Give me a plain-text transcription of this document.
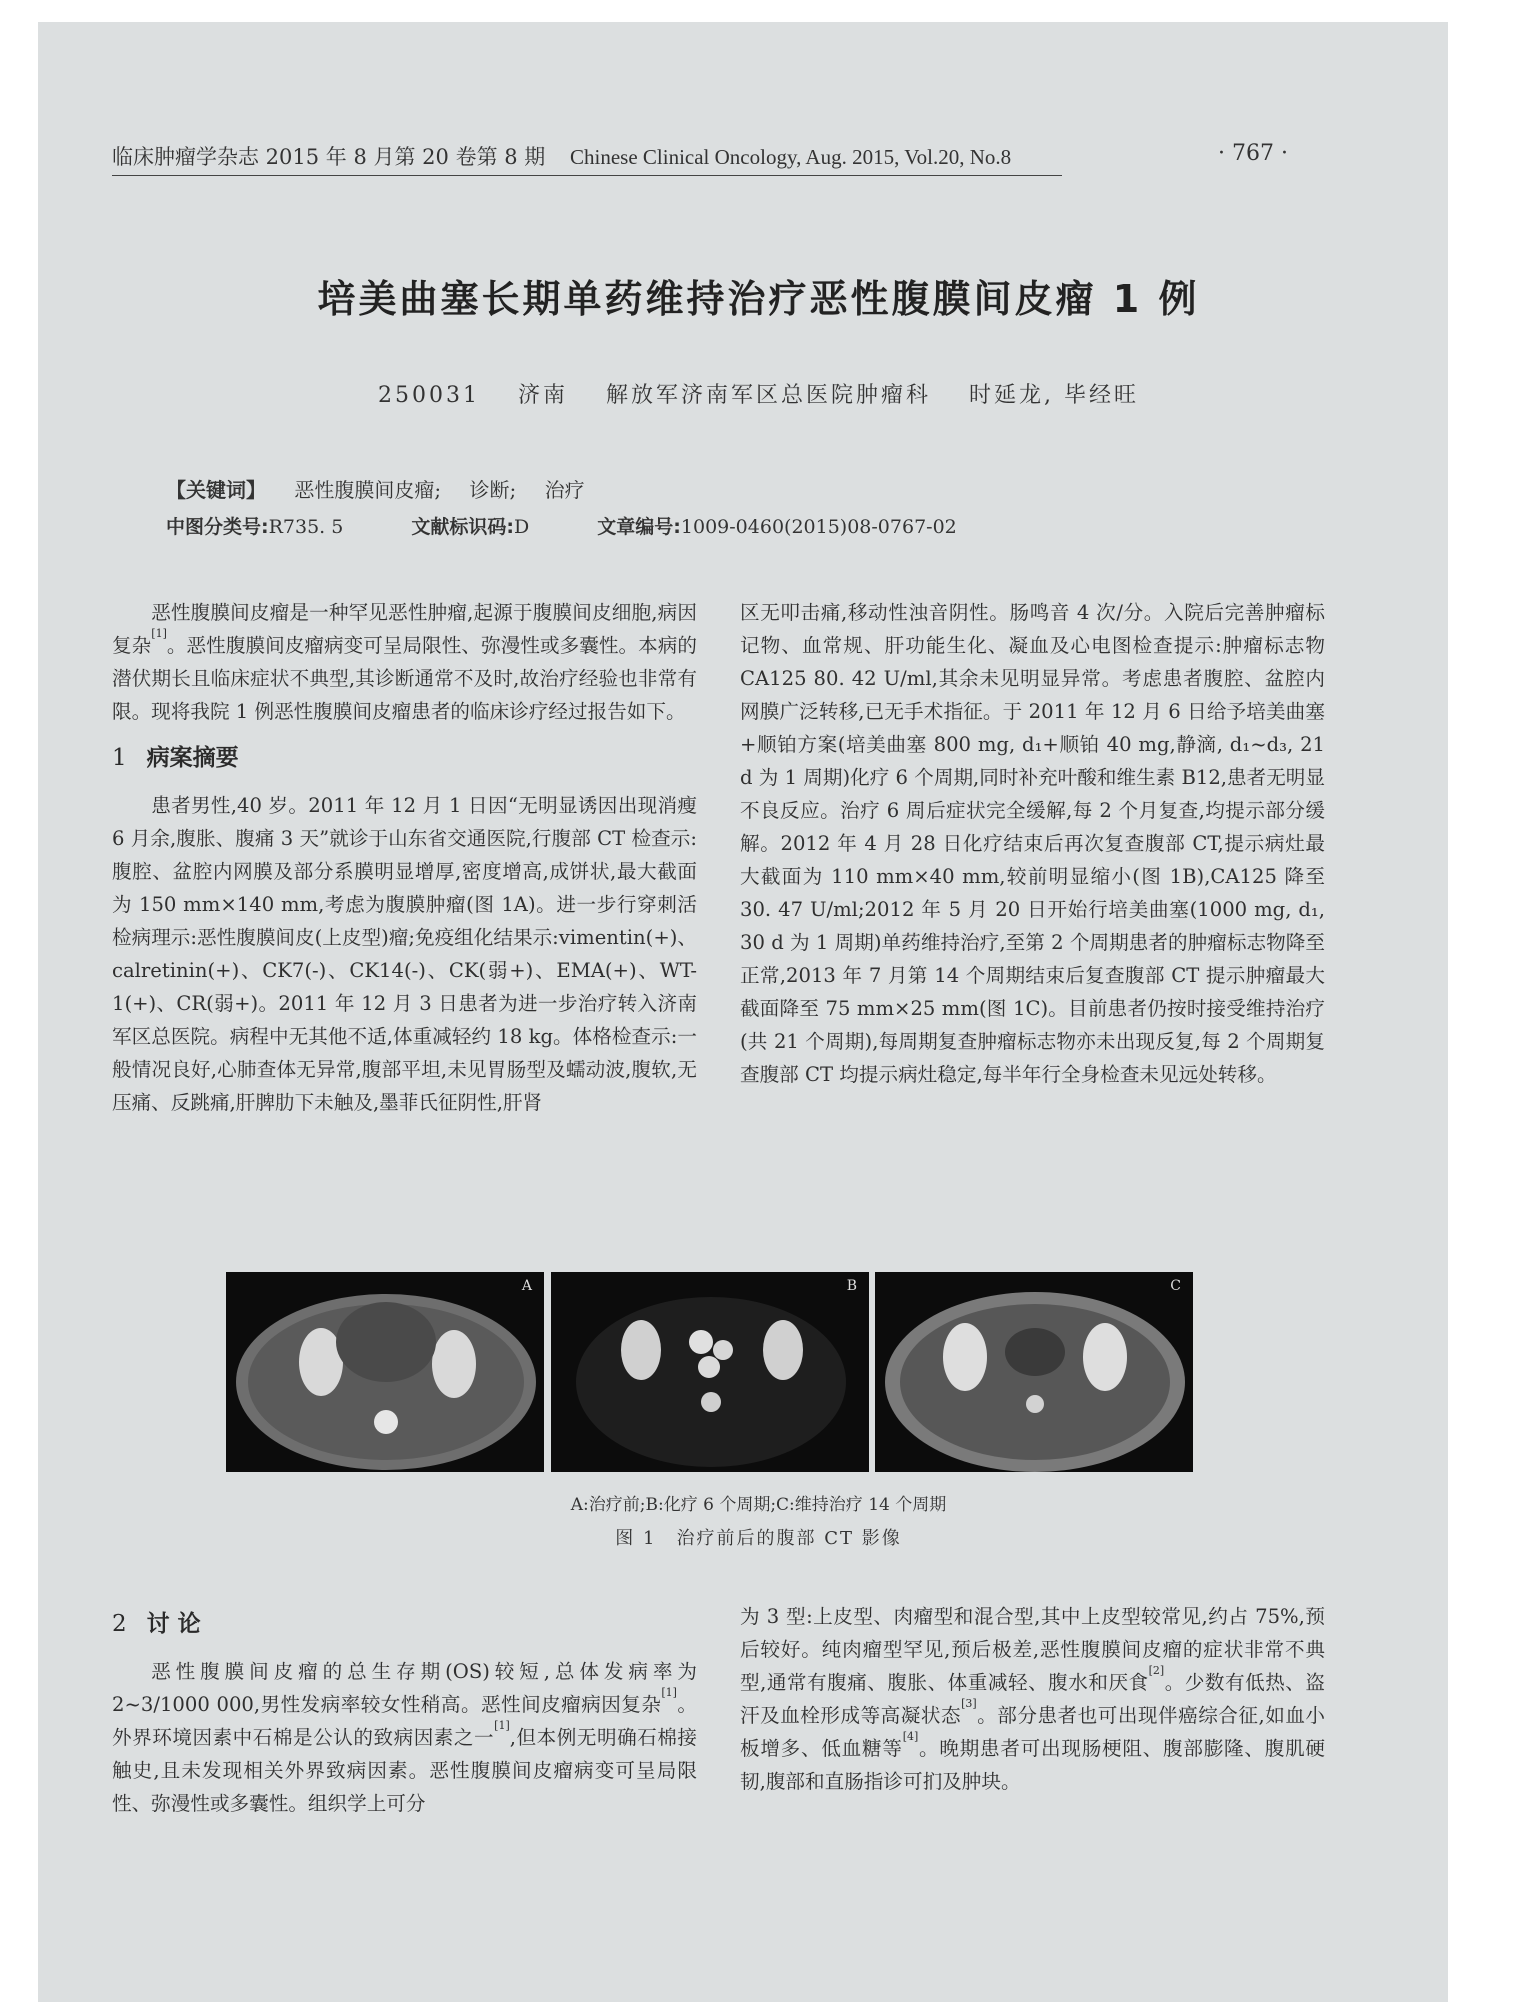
临床肿瘤学杂志 2015 年 8 月第 20 卷第 8 期 Chinese Clinical Oncology, Aug. 2015, Vol.20, No.8	· 767 ·
培美曲塞长期单药维持治疗恶性腹膜间皮瘤 1 例
250031 济南 解放军济南军区总医院肿瘤科 时延龙, 毕经旺
【关键词】 恶性腹膜间皮瘤; 诊断; 治疗
中图分类号:R735. 5	文献标识码:D	文章编号:1009-0460(2015)08-0767-02

恶性腹膜间皮瘤是一种罕见恶性肿瘤,起源于腹膜间皮细胞,病因复杂[1]。恶性腹膜间皮瘤病变可呈局限性、弥漫性或多囊性。本病的潜伏期长且临床症状不典型,其诊断通常不及时,故治疗经验也非常有限。现将我院 1 例恶性腹膜间皮瘤患者的临床诊疗经过报告如下。

1 病案摘要

患者男性,40 岁。2011 年 12 月 1 日因“无明显诱因出现消瘦 6 月余,腹胀、腹痛 3 天”就诊于山东省交通医院,行腹部 CT 检查示:腹腔、盆腔内网膜及部分系膜明显增厚,密度增高,成饼状,最大截面为 150 mm×140 mm,考虑为腹膜肿瘤(图 1A)。进一步行穿刺活检病理示:恶性腹膜间皮(上皮型)瘤;免疫组化结果示:vimentin(+)、calretinin(+)、CK7(-)、CK14(-)、CK(弱+)、EMA(+)、WT-1(+)、CR(弱+)。2011 年 12 月 3 日患者为进一步治疗转入济南军区总医院。病程中无其他不适,体重减轻约 18 kg。体格检查示:一般情况良好,心肺查体无异常,腹部平坦,未见胃肠型及蠕动波,腹软,无压痛、反跳痛,肝脾肋下未触及,墨菲氏征阴性,肝肾

区无叩击痛,移动性浊音阴性。肠鸣音 4 次/分。入院后完善肿瘤标记物、血常规、肝功能生化、凝血及心电图检查提示:肿瘤标志物 CA125 80. 42 U/ml,其余未见明显异常。考虑患者腹腔、盆腔内网膜广泛转移,已无手术指征。于 2011 年 12 月 6 日给予培美曲塞+顺铂方案(培美曲塞 800 mg, d₁+顺铂 40 mg,静滴, d₁~d₃, 21 d 为 1 周期)化疗 6 个周期,同时补充叶酸和维生素 B12,患者无明显不良反应。治疗 6 周后症状完全缓解,每 2 个月复查,均提示部分缓解。2012 年 4 月 28 日化疗结束后再次复查腹部 CT,提示病灶最大截面为 110 mm×40 mm,较前明显缩小(图 1B),CA125 降至 30. 47 U/ml;2012 年 5 月 20 日开始行培美曲塞(1000 mg, d₁, 30 d 为 1 周期)单药维持治疗,至第 2 个周期患者的肿瘤标志物降至正常,2013 年 7 月第 14 个周期结束后复查腹部 CT 提示肿瘤最大截面降至 75 mm×25 mm(图 1C)。目前患者仍按时接受维持治疗(共 21 个周期),每周期复查肿瘤标志物亦未出现反复,每 2 个周期复查腹部 CT 均提示病灶稳定,每半年行全身检查未见远处转移。

A	B	C
A:治疗前;B:化疗 6 个周期;C:维持治疗 14 个周期
图 1 治疗前后的腹部 CT 影像
2 讨 论

恶性腹膜间皮瘤的总生存期(OS)较短,总体发病率为 2~3/1000 000,男性发病率较女性稍高。恶性间皮瘤病因复杂[1]。外界环境因素中石棉是公认的致病因素之一[1],但本例无明确石棉接触史,且未发现相关外界致病因素。恶性腹膜间皮瘤病变可呈局限性、弥漫性或多囊性。组织学上可分

为 3 型:上皮型、肉瘤型和混合型,其中上皮型较常见,约占 75%,预后较好。纯肉瘤型罕见,预后极差,恶性腹膜间皮瘤的症状非常不典型,通常有腹痛、腹胀、体重减轻、腹水和厌食[2]。少数有低热、盗汗及血栓形成等高凝状态[3]。部分患者也可出现伴癌综合征,如血小板增多、低血糖等[4]。晚期患者可出现肠梗阻、腹部膨隆、腹肌硬韧,腹部和直肠指诊可扪及肿块。
